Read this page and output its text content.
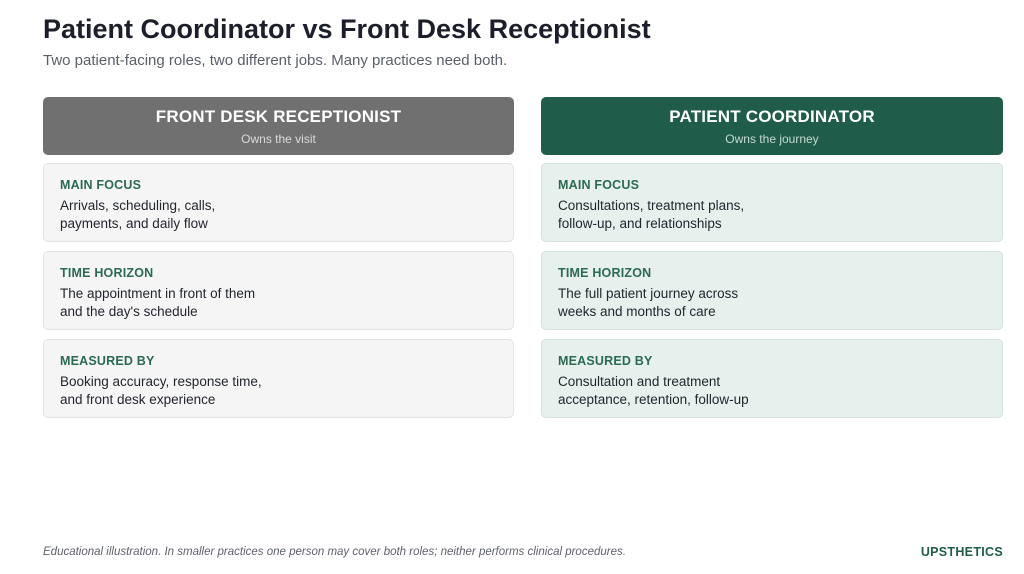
Patient Coordinator vs Front Desk Receptionist
Two patient-facing roles, two different jobs. Many practices need both.
FRONT DESK RECEPTIONIST
Owns the visit
MAIN FOCUS
Arrivals, scheduling, calls,
payments, and daily flow
TIME HORIZON
The appointment in front of them
and the day's schedule
MEASURED BY
Booking accuracy, response time,
and front desk experience
PATIENT COORDINATOR
Owns the journey
MAIN FOCUS
Consultations, treatment plans,
follow-up, and relationships
TIME HORIZON
The full patient journey across
weeks and months of care
MEASURED BY
Consultation and treatment
acceptance, retention, follow-up
Educational illustration. In smaller practices one person may cover both roles; neither performs clinical procedures.	UPSTHETICS
